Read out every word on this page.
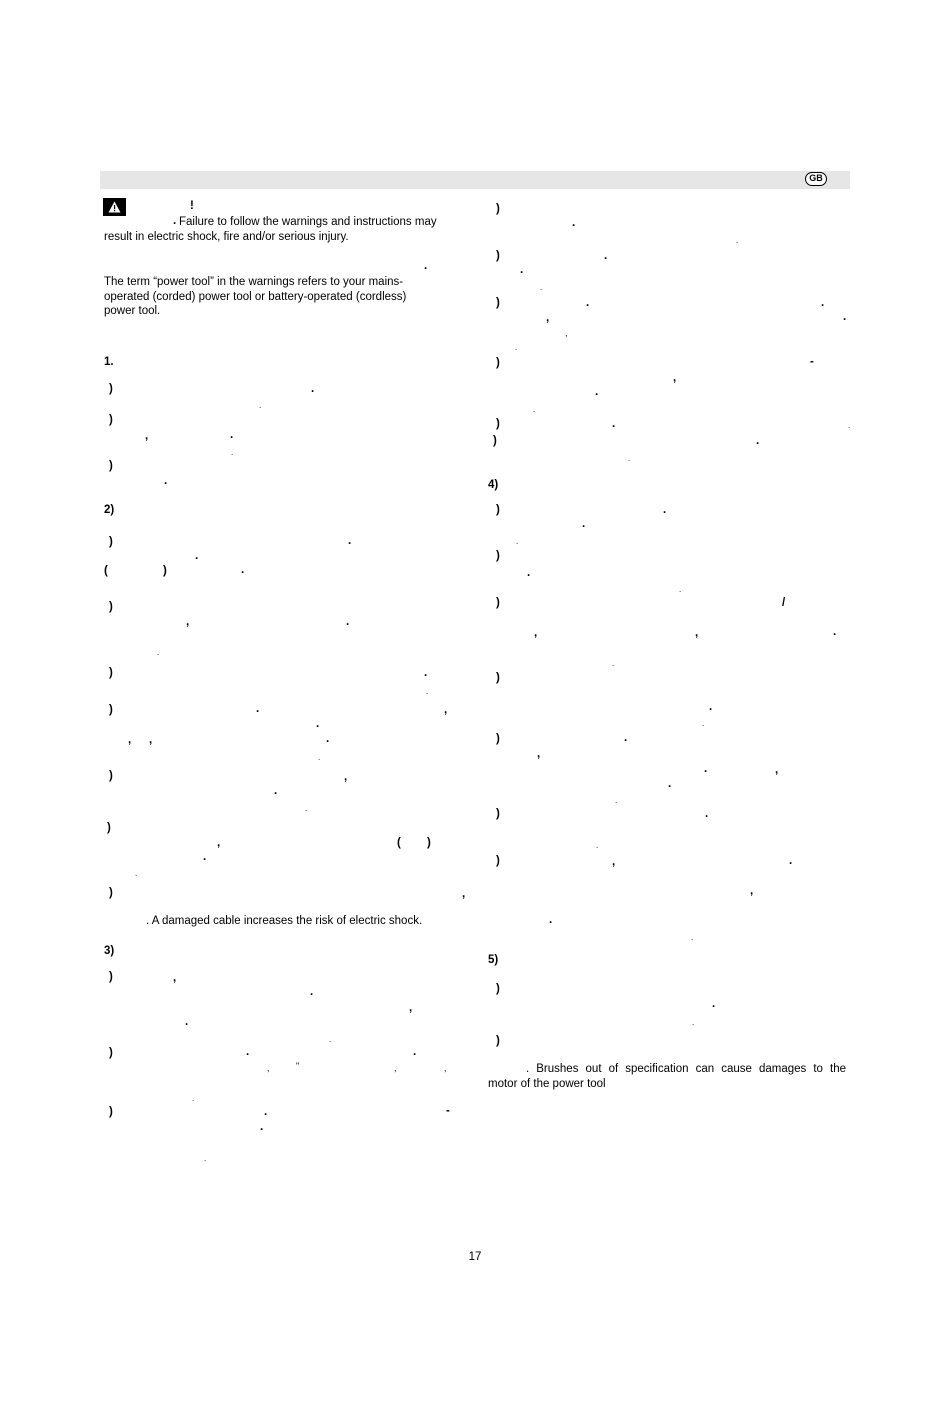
GB
!
. Failure to follow the warnings and instructions may
result in electric shock, fire and/or serious injury.
.
The term “power tool” in the warnings refers to your mains-
operated (corded) power tool or battery-operated (cordless)
power tool.
1.
)	.
.
)
,	.
.
)
.
2)
)	.
.
(	)	.
)
,	.
.
)	.
.
)	.	,
.
, ,	.
.
)	,
.
.
)
,	( )
.
.
)	,
. A damaged cable increases the risk of electric shock.
3)
)	,
.
,
.
.
)	.	.
,	"	,	,
.
)	.	-
.
.
)
.
.
)	.
.
.
)	.	.
,	.
,
.
)	-
,
.
.
)	.	.
)	.
.
4)
)	.
.
.
)
.
.
)	/
,	,	.
.
)
.
.
)	.
,
.	,
.
.
)	.
.
)	,	.
,
.
.
5)
)
.
.
)
. Brushes out of specification can cause damages to the
motor of the power tool
17
